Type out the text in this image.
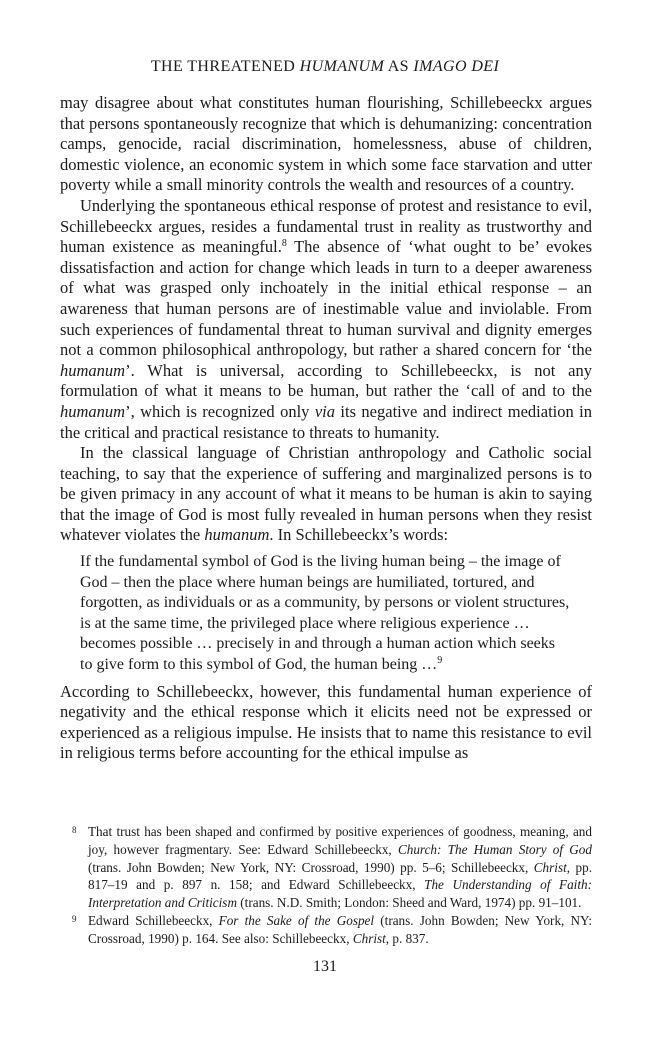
THE THREATENED HUMANUM AS IMAGO DEI

may disagree about what constitutes human flourishing, Schillebeeckx argues that persons spontaneously recognize that which is dehumanizing: concentration camps, genocide, racial discrimination, homelessness, abuse of children, domestic violence, an economic system in which some face starvation and utter poverty while a small minority controls the wealth and resources of a country.

Underlying the spontaneous ethical response of protest and resistance to evil, Schillebeeckx argues, resides a fundamental trust in reality as trustworthy and human existence as meaningful.$^8$ The absence of ‘what ought to be’ evokes dissatisfaction and action for change which leads in turn to a deeper awareness of what was grasped only inchoately in the initial ethical response – an awareness that human persons are of inestimable value and inviolable. From such experiences of fundamental threat to human survival and dignity emerges not a common philosophical anthropology, but rather a shared concern for ‘the humanum’. What is universal, according to Schillebeeckx, is not any formulation of what it means to be human, but rather the ‘call of and to the humanum’, which is recognized only via its negative and indirect mediation in the critical and practical resistance to threats to humanity.

In the classical language of Christian anthropology and Catholic social teaching, to say that the experience of suffering and marginalized persons is to be given primacy in any account of what it means to be human is akin to saying that the image of God is most fully revealed in human persons when they resist whatever violates the humanum. In Schillebeeckx’s words:

If the fundamental symbol of God is the living human being – the image of God – then the place where human beings are humiliated, tortured, and forgotten, as individuals or as a community, by persons or violent structures, is at the same time, the privileged place where religious experience … becomes possible … precisely in and through a human action which seeks to give form to this symbol of God, the human being …$^9$

According to Schillebeeckx, however, this fundamental human experience of negativity and the ethical response which it elicits need not be expressed or experienced as a religious impulse. He insists that to name this resistance to evil in religious terms before accounting for the ethical impulse as

8 That trust has been shaped and confirmed by positive experiences of goodness, meaning, and joy, however fragmentary. See: Edward Schillebeeckx, Church: The Human Story of God (trans. John Bowden; New York, NY: Crossroad, 1990) pp. 5–6; Schillebeeckx, Christ, pp. 817–19 and p. 897 n. 158; and Edward Schillebeeckx, The Understanding of Faith: Interpretation and Criticism (trans. N.D. Smith; London: Sheed and Ward, 1974) pp. 91–101.
9 Edward Schillebeeckx, For the Sake of the Gospel (trans. John Bowden; New York, NY: Crossroad, 1990) p. 164. See also: Schillebeeckx, Christ, p. 837.
131
